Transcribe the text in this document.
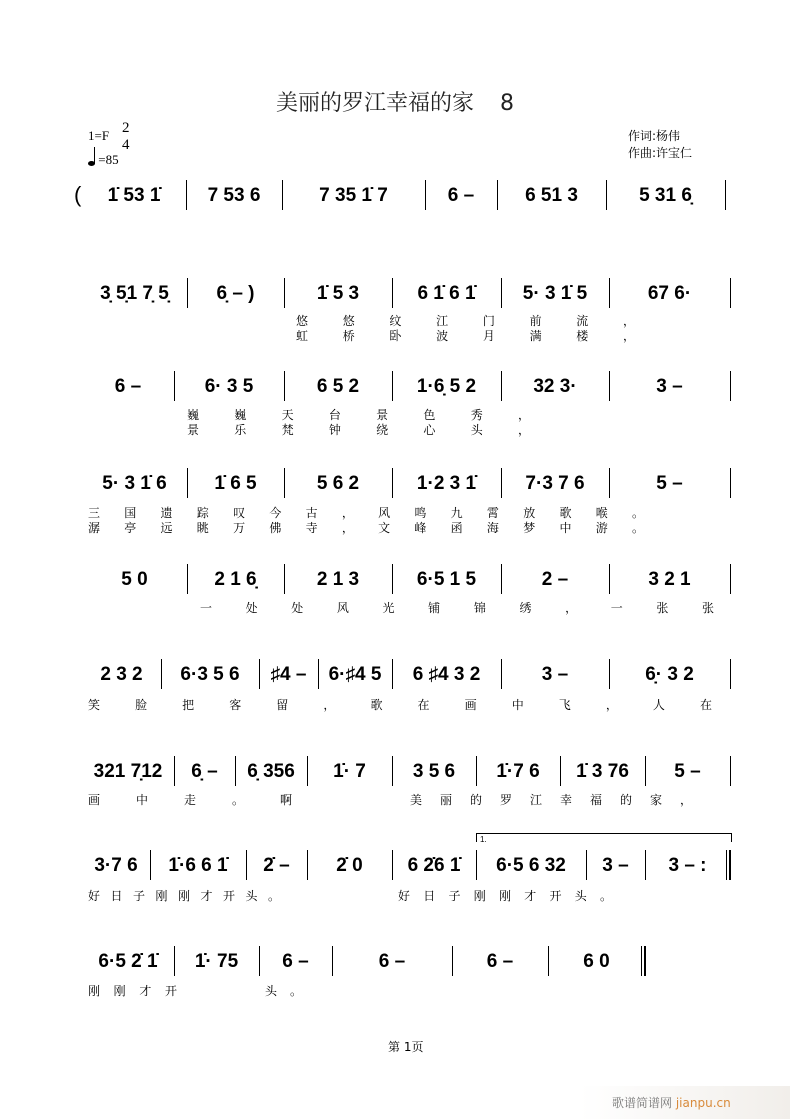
美丽的罗江幸福的家 8
1=F 2
4
=85
作词:杨伟
作曲:许宝仁
(	1̇ 53 1̇	7 53 6	7 35 1̇ 7	6 –	6 51 3	5 31 6̣
3̣ 5̣1 7̣ 5̣	6̣ – )	1̇ 5 3	6 1̇ 6 1̇	5· 3 1̇ 5	67 6·
6 –	6· 3 5	6 5 2	1·6̣ 5 2	32 3·	3 –
5· 3 1̇ 6	1̇ 6 5	5 6 2	1·2 3 1̇	7·3 7 6	5 –
5 0	2 1 6̣	2 1 3	6·5 1 5	2 –	3 2 1
2 3 2	6·3 5 6	♯4 –	6·♯4 5	6 ♯4 3 2	3 –	6̣· 3 2
321 7̣12	6̣ –	6̣ 356	1̇· 7	3 5 6	1̇·7 6	1̇ 3 76	5 –
3·7 6	1̇·6 6 1̇	2̇ –	2̇ 0	6 2̇6 1̇	6·5 6 32	3 –	3 – :
6·5 2̇ 1̇	1̇· 75	6 –	6 –	6 –	6 0
1.
第 1页
歌谱简谱网 jianpu.cn
悠悠纹江门前流，
虹桥卧波月满楼，
巍巍天台景色秀，
景乐梵钟绕心头，
三国遗踪叹今古，风鸣九霄放歌喉。
潺亭远眺万佛寺，文峰函海梦中游。
一处处风光铺锦绣，一张张
笑脸把客留，歌在画中飞，人在
画中走。啊	美丽的罗江幸福的家，
好日子刚刚才开头。	好日子刚刚才开头。
刚刚才开	头。
